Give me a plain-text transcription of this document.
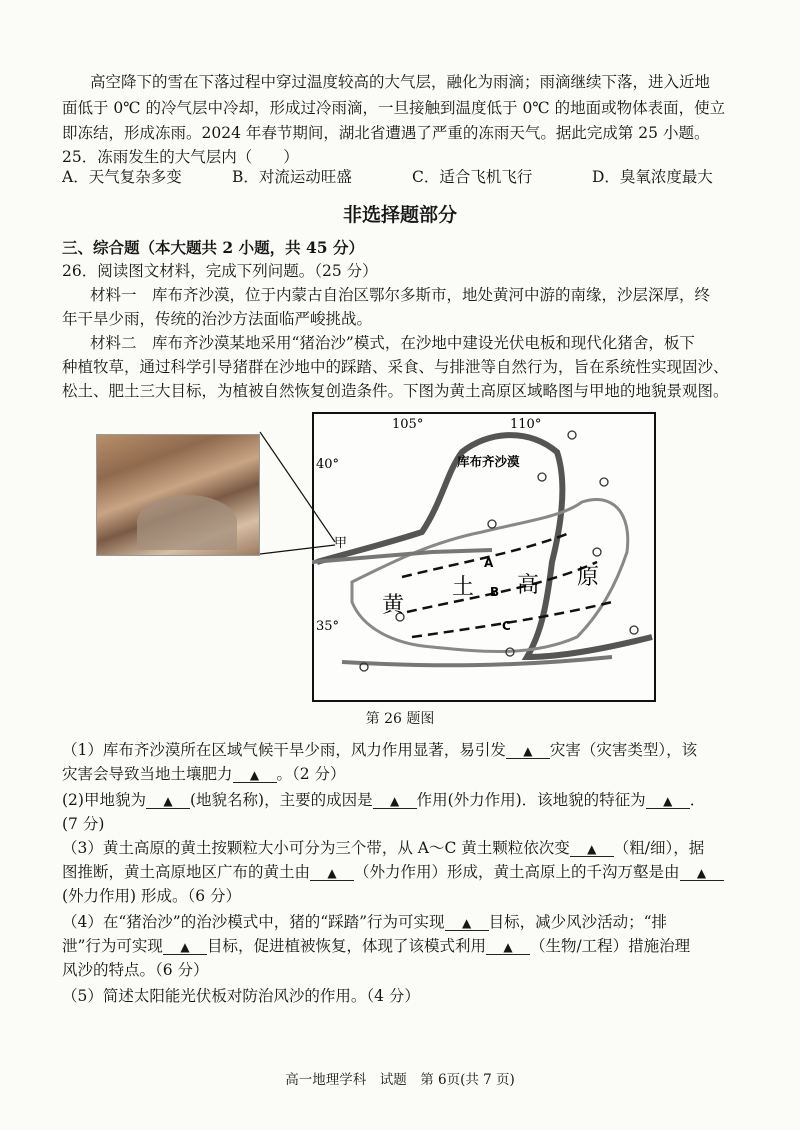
高空降下的雪在下落过程中穿过温度较高的大气层，融化为雨滴；雨滴继续下落，进入近地
面低于 0℃ 的冷气层中冷却，形成过冷雨滴，一旦接触到温度低于 0℃ 的地面或物体表面，使立
即冻结，形成冻雨。2024 年春节期间，湖北省遭遇了严重的冻雨天气。据此完成第 25 小题。
25．冻雨发生的大气层内（　　）
A．天气复杂多变	B．对流运动旺盛	C．适合飞机飞行	D．臭氧浓度最大
非选择题部分
三、综合题（本大题共 2 小题，共 45 分）
26．阅读图文材料，完成下列问题。（25 分）
材料一　库布齐沙漠，位于内蒙古自治区鄂尔多斯市，地处黄河中游的南缘，沙层深厚，终
年干旱少雨，传统的治沙方法面临严峻挑战。
材料二　库布齐沙漠某地采用“猪治沙”模式，在沙地中建设光伏电板和现代化猪舍，板下
种植牧草，通过科学引导猪群在沙地中的踩踏、采食、与排泄等自然行为，旨在系统性实现固沙、
松土、肥土三大目标，为植被自然恢复创造条件。下图为黄土高原区域略图与甲地的地貌景观图。
105°	110°
40°
35°
库布齐沙漠
甲
A
B
C
黄
土 高 原
第 26 题图
（1）库布齐沙漠所在区域气候干旱少雨，风力作用显著，易引发 ▲ 灾害（灾害类型），该
灾害会导致当地土壤肥力 ▲ 。（2 分）
(2)甲地貌为 ▲ (地貌名称)，主要的成因是 ▲ 作用(外力作用)．该地貌的特征为 ▲ ．
(7 分)
（3）黄土高原的黄土按颗粒大小可分为三个带，从 A～C 黄土颗粒依次变 ▲ （粗/细），据
图推断，黄土高原地区广布的黄土由 ▲ （外力作用）形成，黄土高原上的千沟万壑是由 ▲
(外力作用) 形成。（6 分）
（4）在“猪治沙”的治沙模式中，猪的“踩踏”行为可实现 ▲ 目标，减少风沙活动；“排
泄”行为可实现 ▲ 目标，促进植被恢复，体现了该模式利用 ▲ （生物/工程）措施治理
风沙的特点。（6 分）
（5）简述太阳能光伏板对防治风沙的作用。（4 分）
高一地理学科　试题　第 6页(共 7 页)
